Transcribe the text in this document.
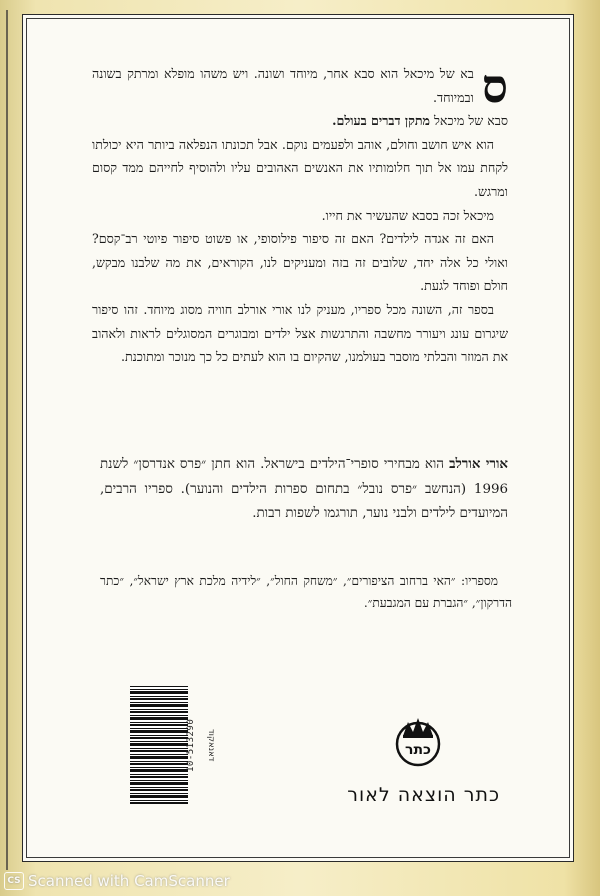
ס

בא של מיכאל הוא סבא אחר, מיוחד ושונה. ויש משהו מופלא ומרתק בשונה ובמיוחד.

סבא של מיכאל מתקן דברים בעולם.

הוא איש חושב וחולם, אוהב ולפעמים נוקם. אבל תכונתו הנפלאה ביותר היא יכולתו לקחת עמו אל תוך חלומותיו את האנשים האהובים עליו ולהוסיף לחייהם ממד קסום ומרגש.

מיכאל זכה בסבא שהעשיר את חייו.

האם זה אגדה לילדים? האם זה סיפור פילוסופי, או פשוט סיפור פיוטי רב־קסם? ואולי כל אלה יחד, שלובים זה בזה ומעניקים לנו, הקוראים, את מה שלבנו מבקש, חולם ופוחד לגעת.

בספר זה, השונה מכל ספריו, מעניק לנו אורי אורלב חוויה מסוג מיוחד. זהו סיפור שיגרום עונג ויעורר מחשבה והתרגשות אצל ילדים ומבוגרים המסוגלים לראות ולאהוב את המוזר והבלתי מוסבר בעולמנו, שהקיום בו הוא לעתים כל כך מנוכר ומתוכנת.

אורי אורלב הוא מבחירי סופרי־הילדים בישראל. הוא חתן ״פרס אנדרסן״ לשנת 1996 (הנחשב ״פרס נובל״ בתחום ספרות הילדים והנוער). ספריו הרבים, המיועדים לילדים ולבני נוער, תורגמו לשפות רבות.

מספריו: ״האי ברחוב הציפורים״, ״משחק החול״, ״לידיה מלכת ארץ ישראל״, ״כתר הדרקון״, ״הגברת עם המגבעת״.

10-513290	דאנאקוד	כתר
כתר הוצאה לאור
CS Scanned with CamScanner
